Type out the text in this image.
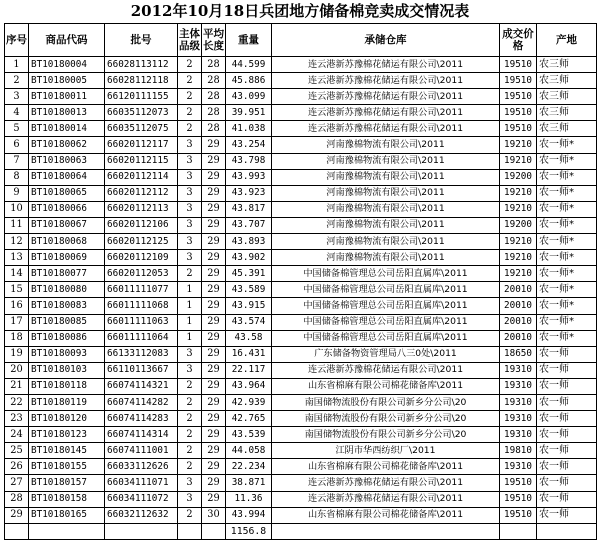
2012年10月18日兵团地方储备棉竞卖成交情况表
序号	商品代码	批号	主体品级	平均长度	重量	承储仓库	成交价格	产地
1	BT10180004	66028113112	2	28	44.599	连云港新苏豫棉花储运有限公司\2011	19510	农三师
2	BT10180005	66028112118	2	28	45.886	连云港新苏豫棉花储运有限公司\2011	19510	农三师
3	BT10180011	66120111155	2	28	43.099	连云港新苏豫棉花储运有限公司\2011	19510	农三师
4	BT10180013	66035112073	2	28	39.951	连云港新苏豫棉花储运有限公司\2011	19510	农三师
5	BT10180014	66035112075	2	28	41.038	连云港新苏豫棉花储运有限公司\2011	19510	农三师
6	BT10180062	66020112117	3	29	43.254	河南豫棉物流有限公司\2011	19210	农一师*
7	BT10180063	66020112115	3	29	43.798	河南豫棉物流有限公司\2011	19210	农一师*
8	BT10180064	66020112114	3	29	43.993	河南豫棉物流有限公司\2011	19200	农一师*
9	BT10180065	66020112112	3	29	43.923	河南豫棉物流有限公司\2011	19210	农一师*
10	BT10180066	66020112113	3	29	43.817	河南豫棉物流有限公司\2011	19210	农一师*
11	BT10180067	66020112106	3	29	43.707	河南豫棉物流有限公司\2011	19200	农一师*
12	BT10180068	66020112125	3	29	43.893	河南豫棉物流有限公司\2011	19210	农一师*
13	BT10180069	66020112109	3	29	43.902	河南豫棉物流有限公司\2011	19210	农一师*
14	BT10180077	66020112053	2	29	45.391	中国储备棉管理总公司岳阳直属库\2011	19210	农一师*
15	BT10180080	66011111077	1	29	43.589	中国储备棉管理总公司岳阳直属库\2011	20010	农一师*
16	BT10180083	66011111068	1	29	43.915	中国储备棉管理总公司岳阳直属库\2011	20010	农一师*
17	BT10180085	66011111063	1	29	43.574	中国储备棉管理总公司岳阳直属库\2011	20010	农一师*
18	BT10180086	66011111064	1	29	43.58	中国储备棉管理总公司岳阳直属库\2011	20010	农一师*
19	BT10180093	66133112083	3	29	16.431	广东储备物资管理局八三0处\2011	18650	农一师
20	BT10180103	66110113667	3	29	22.117	连云港新苏豫棉花储运有限公司\2011	19310	农一师
21	BT10180118	66074114321	2	29	43.964	山东省棉麻有限公司棉花储备库\2011	19310	农一师
22	BT10180119	66074114282	2	29	42.939	南国储物流股份有限公司新乡分公司\20	19310	农一师
23	BT10180120	66074114283	2	29	42.765	南国储物流股份有限公司新乡分公司\20	19310	农一师
24	BT10180123	66074114314	2	29	43.539	南国储物流股份有限公司新乡分公司\20	19310	农一师
25	BT10180145	66074111001	2	29	44.058	江阴市华西纺织厂\2011	19810	农一师
26	BT10180155	66033112626	2	29	22.234	山东省棉麻有限公司棉花储备库\2011	19310	农一师
27	BT10180157	66034111071	3	29	38.871	连云港新苏豫棉花储运有限公司\2011	19510	农一师
28	BT10180158	66034111072	3	29	11.36	连云港新苏豫棉花储运有限公司\2011	19510	农一师
29	BT10180165	66032112632	2	30	43.994	山东省棉麻有限公司棉花储备库\2011	19510	农一师
					1156.8			
